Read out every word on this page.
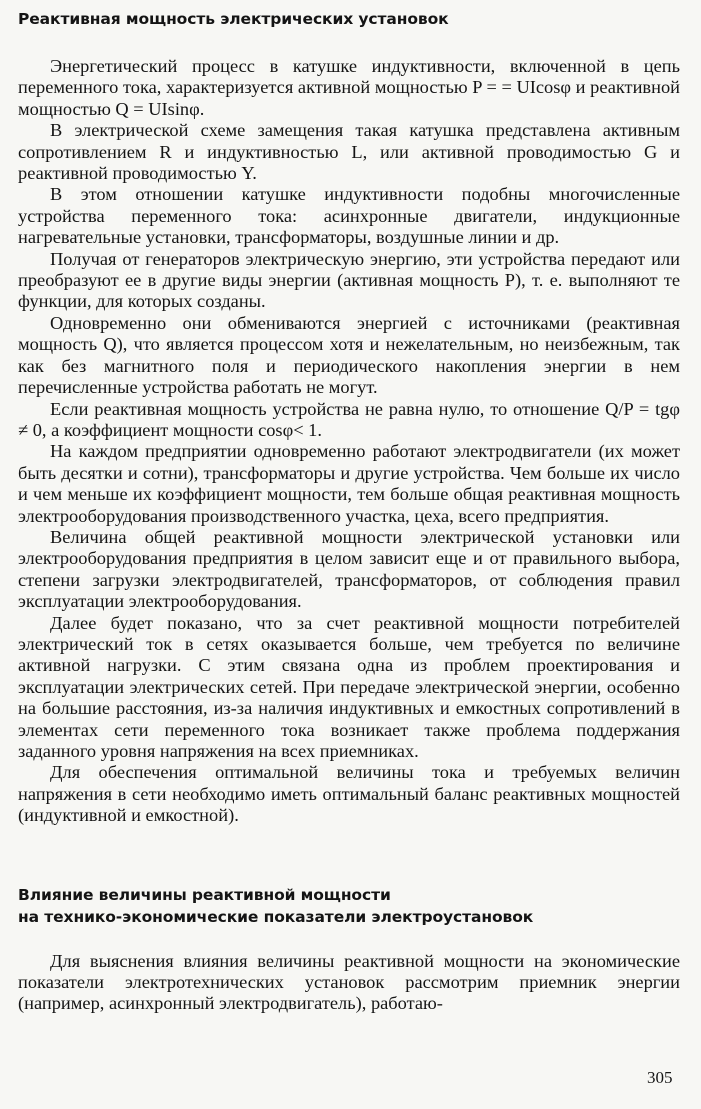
Реактивная мощность электрических установок

Энергетический процесс в катушке индуктивности, включенной в цепь переменного тока, характеризуется активной мощностью P = = UIcosφ и реактивной мощностью Q = UIsinφ.

В электрической схеме замещения такая катушка представлена активным сопротивлением R и индуктивностью L, или активной проводимостью G и реактивной проводимостью Y.

В этом отношении катушке индуктивности подобны многочисленные устройства переменного тока: асинхронные двигатели, индукционные нагревательные установки, трансформаторы, воздушные линии и др.

Получая от генераторов электрическую энергию, эти устройства передают или преобразуют ее в другие виды энергии (активная мощность P), т. е. выполняют те функции, для которых созданы.

Одновременно они обмениваются энергией с источниками (реактивная мощность Q), что является процессом хотя и нежелательным, но неизбежным, так как без магнитного поля и периодического накопления энергии в нем перечисленные устройства работать не могут.

Если реактивная мощность устройства не равна нулю, то отношение Q/P = tgφ ≠ 0, а коэффициент мощности cosφ< 1.

На каждом предприятии одновременно работают электродвигатели (их может быть десятки и сотни), трансформаторы и другие устройства. Чем больше их число и чем меньше их коэффициент мощности, тем больше общая реактивная мощность электрооборудования производственного участка, цеха, всего предприятия.

Величина общей реактивной мощности электрической установки или электрооборудования предприятия в целом зависит еще и от правильного выбора, степени загрузки электродвигателей, трансформаторов, от соблюдения правил эксплуатации электрооборудования.

Далее будет показано, что за счет реактивной мощности потребителей электрический ток в сетях оказывается больше, чем требуется по величине активной нагрузки. С этим связана одна из проблем проектирования и эксплуатации электрических сетей. При передаче электрической энергии, особенно на большие расстояния, из-за наличия индуктивных и емкостных сопротивлений в элементах сети переменного тока возникает также проблема поддержания заданного уровня напряжения на всех приемниках.

Для обеспечения оптимальной величины тока и требуемых величин напряжения в сети необходимо иметь оптимальный баланс реактивных мощностей (индуктивной и емкостной).

Влияние величины реактивной мощности
на технико-экономические показатели электроустановок

Для выяснения влияния величины реактивной мощности на экономические показатели электротехнических установок рассмотрим приемник энергии (например, асинхронный электродвигатель), работаю-

305
